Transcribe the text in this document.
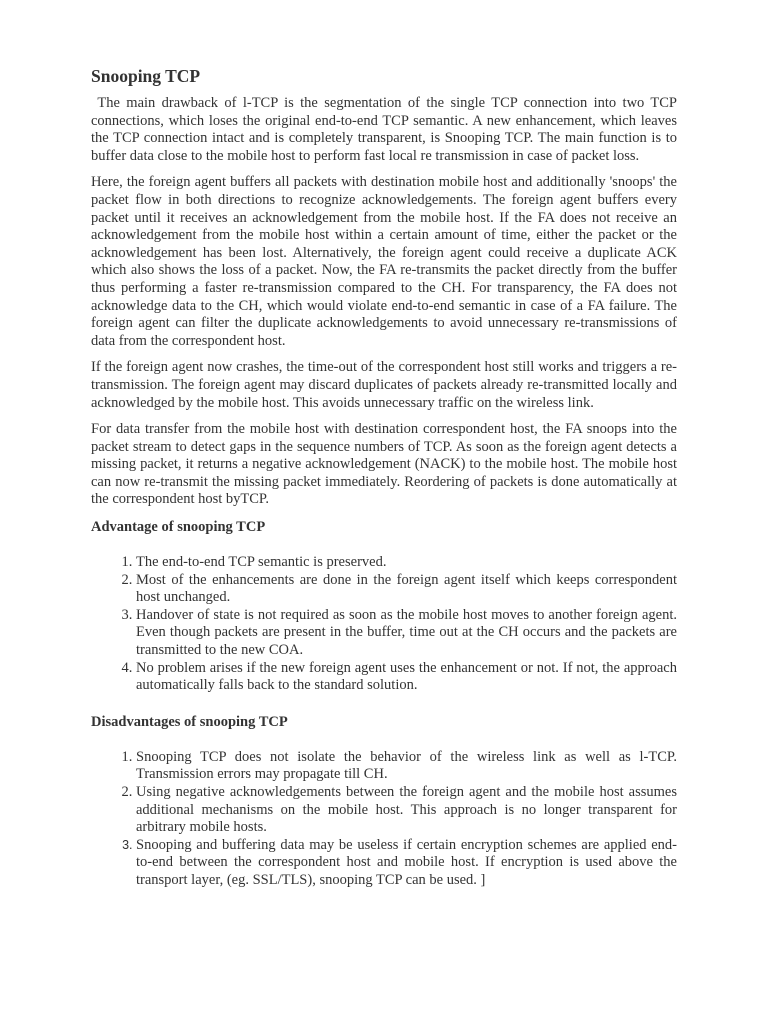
Snooping TCP

The main drawback of l-TCP is the segmentation of the single TCP connection into two TCP connections, which loses the original end-to-end TCP semantic. A new enhancement, which leaves the TCP connection intact and is completely transparent, is Snooping TCP. The main function is to buffer data close to the mobile host to perform fast local re transmission in case of packet loss.

Here, the foreign agent buffers all packets with destination mobile host and additionally 'snoops' the packet flow in both directions to recognize acknowledgements. The foreign agent buffers every packet until it receives an acknowledgement from the mobile host. If the FA does not receive an acknowledgement from the mobile host within a certain amount of time, either the packet or the acknowledgement has been lost. Alternatively, the foreign agent could receive a duplicate ACK which also shows the loss of a packet. Now, the FA re-transmits the packet directly from the buffer thus performing a faster re-transmission compared to the CH. For transparency, the FA does not acknowledge data to the CH, which would violate end-to-end semantic in case of a FA failure. The foreign agent can filter the duplicate acknowledgements to avoid unnecessary re-transmissions of data from the correspondent host.

If the foreign agent now crashes, the time-out of the correspondent host still works and triggers a re-transmission. The foreign agent may discard duplicates of packets already re-transmitted locally and acknowledged by the mobile host. This avoids unnecessary traffic on the wireless link.

For data transfer from the mobile host with destination correspondent host, the FA snoops into the packet stream to detect gaps in the sequence numbers of TCP. As soon as the foreign agent detects a missing packet, it returns a negative acknowledgement (NACK) to the mobile host. The mobile host can now re-transmit the missing packet immediately. Reordering of packets is done automatically at the correspondent host byTCP.

Advantage of snooping TCP
1. The end-to-end TCP semantic is preserved.
2. Most of the enhancements are done in the foreign agent itself which keeps correspondent host unchanged.
3. Handover of state is not required as soon as the mobile host moves to another foreign agent. Even though packets are present in the buffer, time out at the CH occurs and the packets are transmitted to the new COA.
4. No problem arises if the new foreign agent uses the enhancement or not. If not, the approach automatically falls back to the standard solution.
Disadvantages of snooping TCP
1. Snooping TCP does not isolate the behavior of the wireless link as well as l-TCP. Transmission errors may propagate till CH.
2. Using negative acknowledgements between the foreign agent and the mobile host assumes additional mechanisms on the mobile host. This approach is no longer transparent for arbitrary mobile hosts.
3. Snooping and buffering data may be useless if certain encryption schemes are applied end- to-end between the correspondent host and mobile host. If encryption is used above the transport layer, (eg. SSL/TLS), snooping TCP can be used. ]
